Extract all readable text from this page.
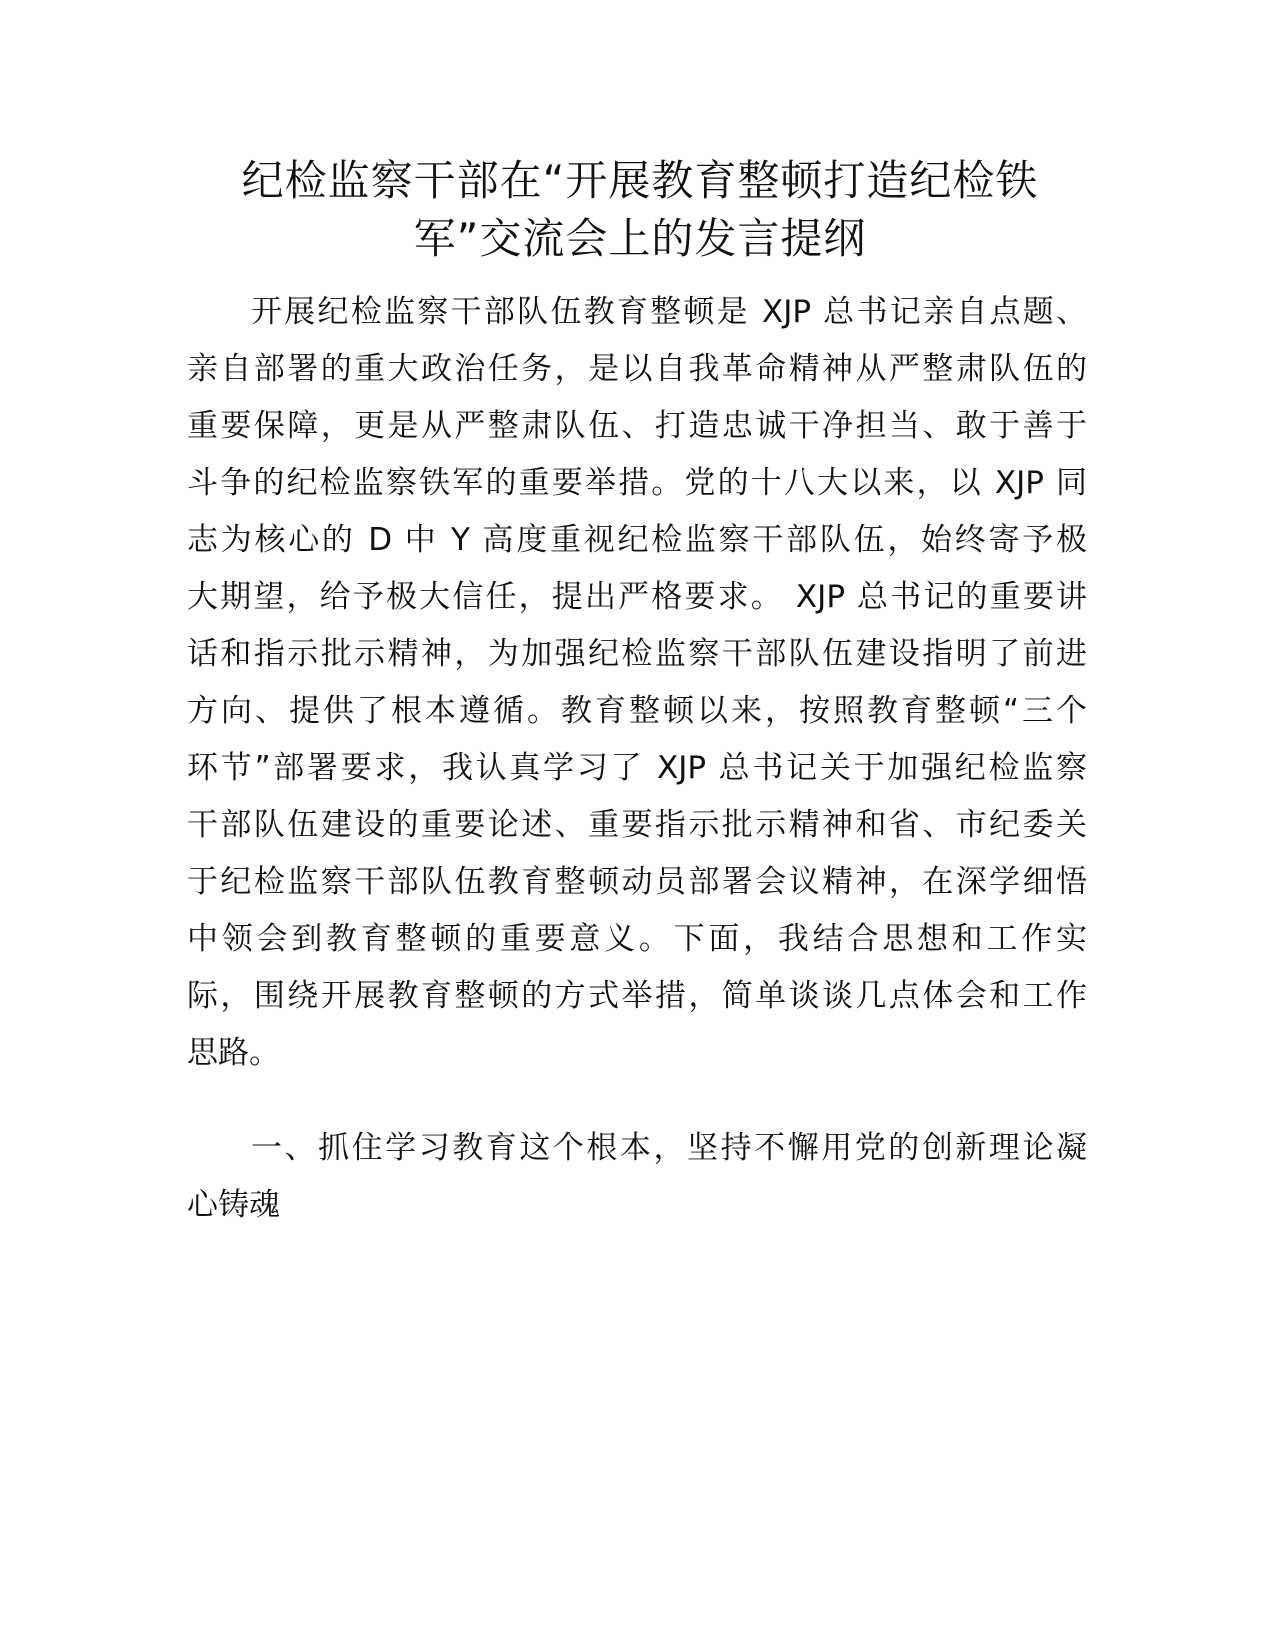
纪检监察干部在“开展教育整顿打造纪检铁
军”交流会上的发言提纲
开展纪检监察干部队伍教育整顿是 XJP 总书记亲自点题、
亲自部署的重大政治任务，是以自我革命精神从严整肃队伍的
重要保障，更是从严整肃队伍、打造忠诚干净担当、敢于善于
斗争的纪检监察铁军的重要举措。党的十八大以来，以 XJP 同
志为核心的 D 中 Y 高度重视纪检监察干部队伍，始终寄予极
大期望，给予极大信任，提出严格要求。 XJP 总书记的重要讲
话和指示批示精神，为加强纪检监察干部队伍建设指明了前进
方向、提供了根本遵循。教育整顿以来，按照教育整顿“三个
环节”部署要求，我认真学习了 XJP 总书记关于加强纪检监察
干部队伍建设的重要论述、重要指示批示精神和省、市纪委关
于纪检监察干部队伍教育整顿动员部署会议精神，在深学细悟
中领会到教育整顿的重要意义。下面，我结合思想和工作实
际，围绕开展教育整顿的方式举措，简单谈谈几点体会和工作
思路。
一、抓住学习教育这个根本，坚持不懈用党的创新理论凝
心铸魂
